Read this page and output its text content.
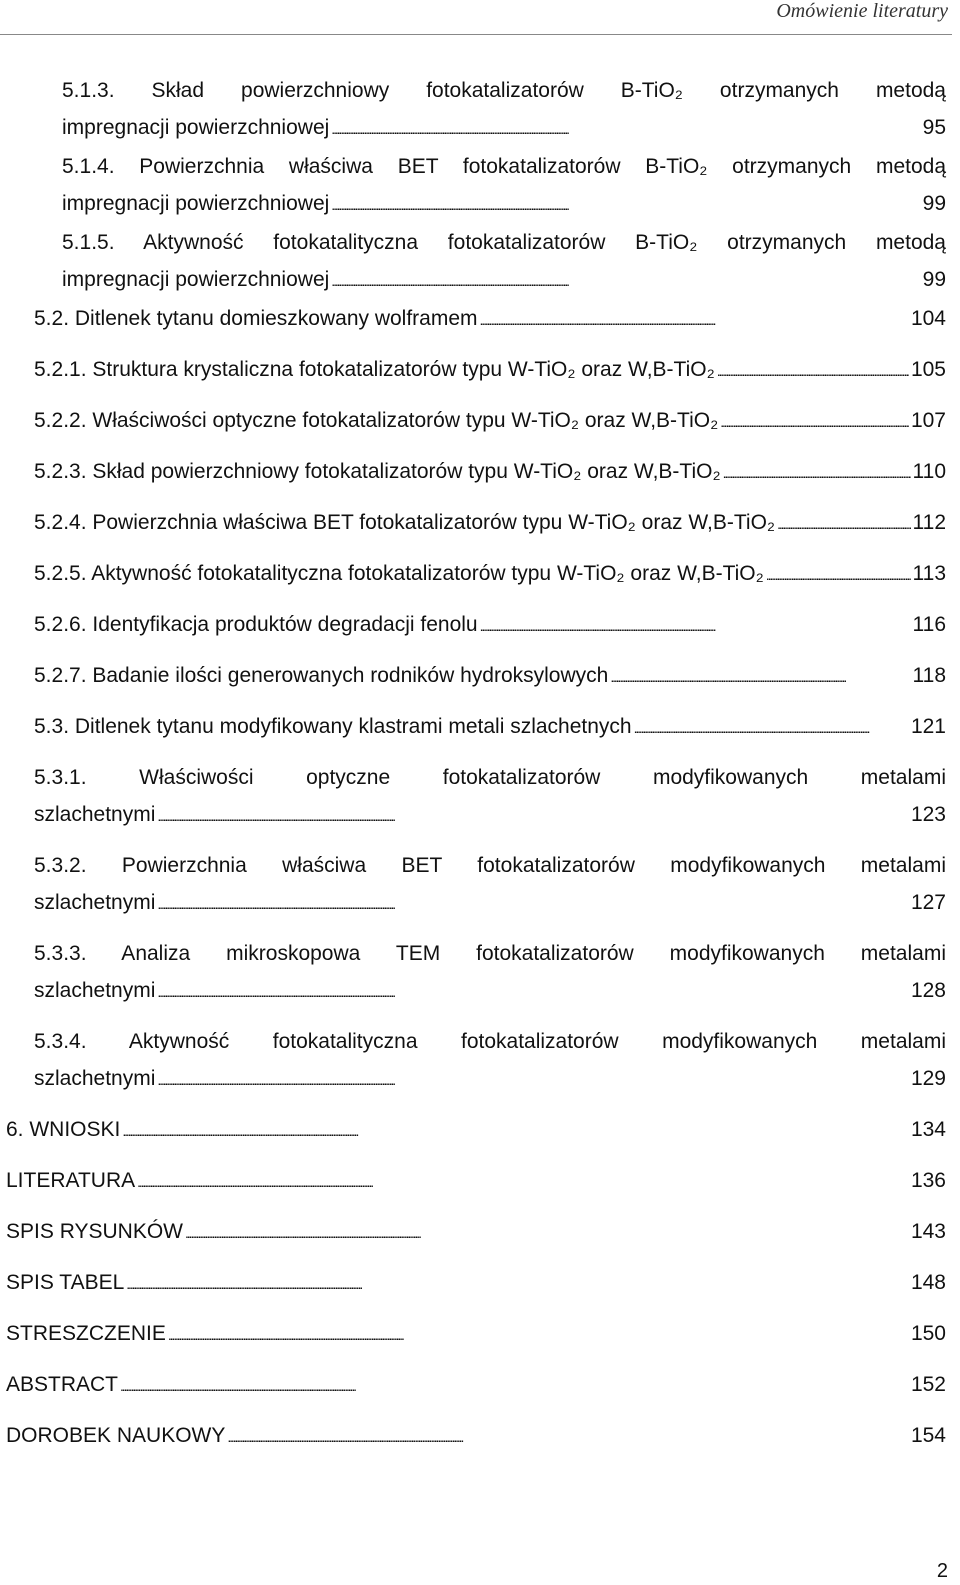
Omówienie literatury
5.1.3. Skład powierzchniowy fotokatalizatorów B-TiO₂ otrzymanych metodą
impregnacji powierzchniowej . . .	95
5.1.4. Powierzchnia właściwa BET fotokatalizatorów B-TiO₂ otrzymanych metodą
impregnacji powierzchniowej . . .	99
5.1.5. Aktywność fotokatalityczna fotokatalizatorów B-TiO₂ otrzymanych metodą
impregnacji powierzchniowej . . .	99
5.2. Ditlenek tytanu domieszkowany wolframem . . .	104
5.2.1. Struktura krystaliczna fotokatalizatorów typu W-TiO₂ oraz W,B-TiO₂ . . .	105
5.2.2. Właściwości optyczne fotokatalizatorów typu W-TiO₂ oraz W,B-TiO₂ . . .	107
5.2.3. Skład powierzchniowy fotokatalizatorów typu W-TiO₂ oraz W,B-TiO₂ . . .	110
5.2.4. Powierzchnia właściwa BET fotokatalizatorów typu W-TiO₂ oraz W,B-TiO₂ . . .	112
5.2.5. Aktywność fotokatalityczna fotokatalizatorów typu W-TiO₂ oraz W,B-TiO₂ . . .	113
5.2.6. Identyfikacja produktów degradacji fenolu . . .	116
5.2.7. Badanie ilości generowanych rodników hydroksylowych . . .	118
5.3. Ditlenek tytanu modyfikowany klastrami metali szlachetnych . . .	121
5.3.1. Właściwości optyczne fotokatalizatorów modyfikowanych metalami
szlachetnymi . . .	123
5.3.2. Powierzchnia właściwa BET fotokatalizatorów modyfikowanych metalami
szlachetnymi . . .	127
5.3.3. Analiza mikroskopowa TEM fotokatalizatorów modyfikowanych metalami
szlachetnymi . . .	128
5.3.4. Aktywność fotokatalityczna fotokatalizatorów modyfikowanych metalami
szlachetnymi . . .	129
6. WNIOSKI . . .	134
LITERATURA . . .	136
SPIS RYSUNKÓW . . .	143
SPIS TABEL . . .	148
STRESZCZENIE . . .	150
ABSTRACT . . .	152
DOROBEK NAUKOWY . . .	154
2
